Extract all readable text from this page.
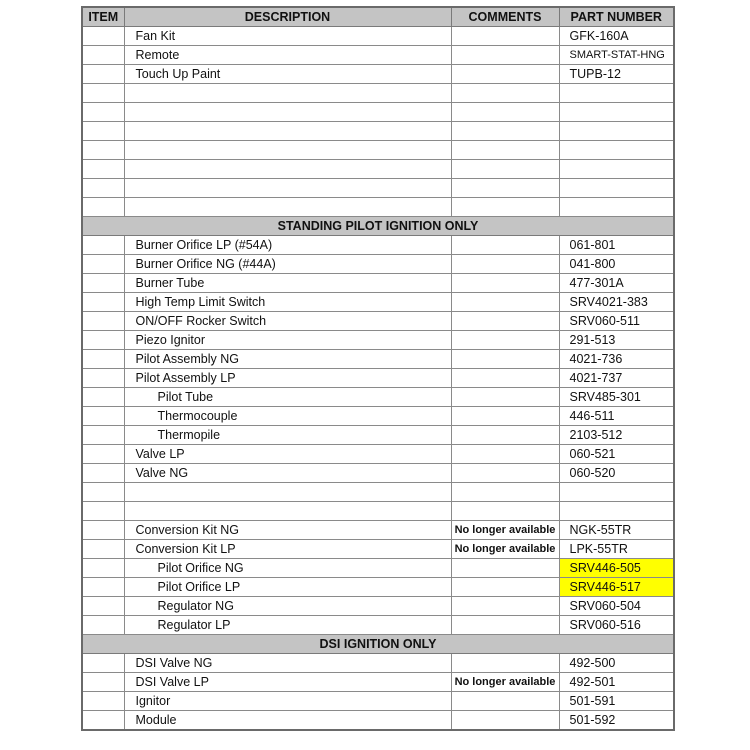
ITEM	DESCRIPTION	COMMENTS	PART NUMBER
	Fan Kit		GFK-160A
	Remote		SMART-STAT-HNG
	Touch Up Paint		TUPB-12

STANDING PILOT IGNITION ONLY			
	Burner Orifice LP (#54A)		061-801
	Burner Orifice NG (#44A)		041-800
	Burner Tube		477-301A
	High Temp Limit Switch		SRV4021-383
	ON/OFF Rocker Switch		SRV060-511
	Piezo Ignitor		291-513
	Pilot Assembly NG		4021-736
	Pilot Assembly LP		4021-737
	Pilot Tube		SRV485-301
	Thermocouple		446-511
	Thermopile		2103-512
	Valve LP		060-521
	Valve NG		060-520

	Conversion Kit NG	No longer available	NGK-55TR
	Conversion Kit LP	No longer available	LPK-55TR
	Pilot Orifice NG		SRV446-505
	Pilot Orifice LP		SRV446-517
	Regulator NG		SRV060-504
	Regulator LP		SRV060-516
DSI IGNITION ONLY			
	DSI Valve NG		492-500
	DSI Valve LP	No longer available	492-501
	Ignitor		501-591
	Module		501-592
